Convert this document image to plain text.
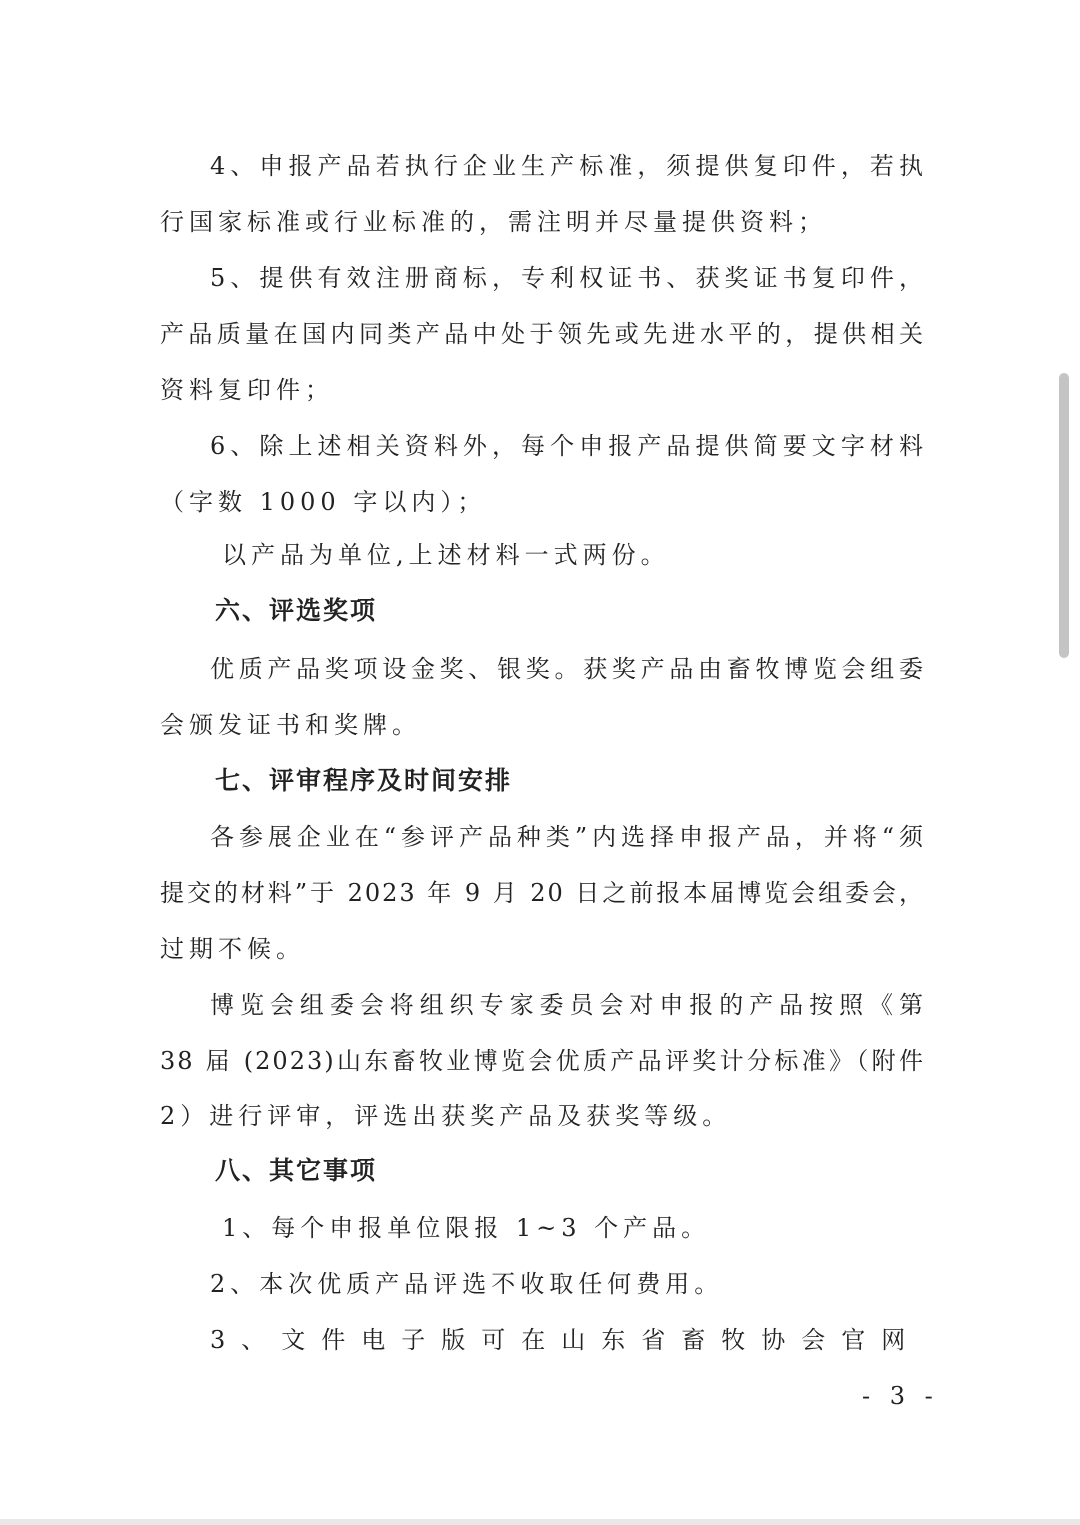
4、申报产品若执行企业生产标准，须提供复印件，若执
行国家标准或行业标准的，需注明并尽量提供资料；
5、提供有效注册商标，专利权证书、获奖证书复印件，
产品质量在国内同类产品中处于领先或先进水平的，提供相关
资料复印件；
6、除上述相关资料外，每个申报产品提供简要文字材料
（字数 1000 字以内）；
以产品为单位,上述材料一式两份。
六、评选奖项
优质产品奖项设金奖、银奖。获奖产品由畜牧博览会组委
会颁发证书和奖牌。
七、评审程序及时间安排
各参展企业在“参评产品种类”内选择申报产品，并将“须
提交的材料”于 2023 年 9 月 20 日之前报本届博览会组委会，
过期不候。
博览会组委会将组织专家委员会对申报的产品按照《第
38 届 (2023)山东畜牧业博览会优质产品评奖计分标准》（附件
2）进行评审，评选出获奖产品及获奖等级。
八、其它事项
1、每个申报单位限报 1~3 个产品。
2、本次优质产品评选不收取任何费用。
3、文件电子版可在山东省畜牧协会官网
- 3 -
